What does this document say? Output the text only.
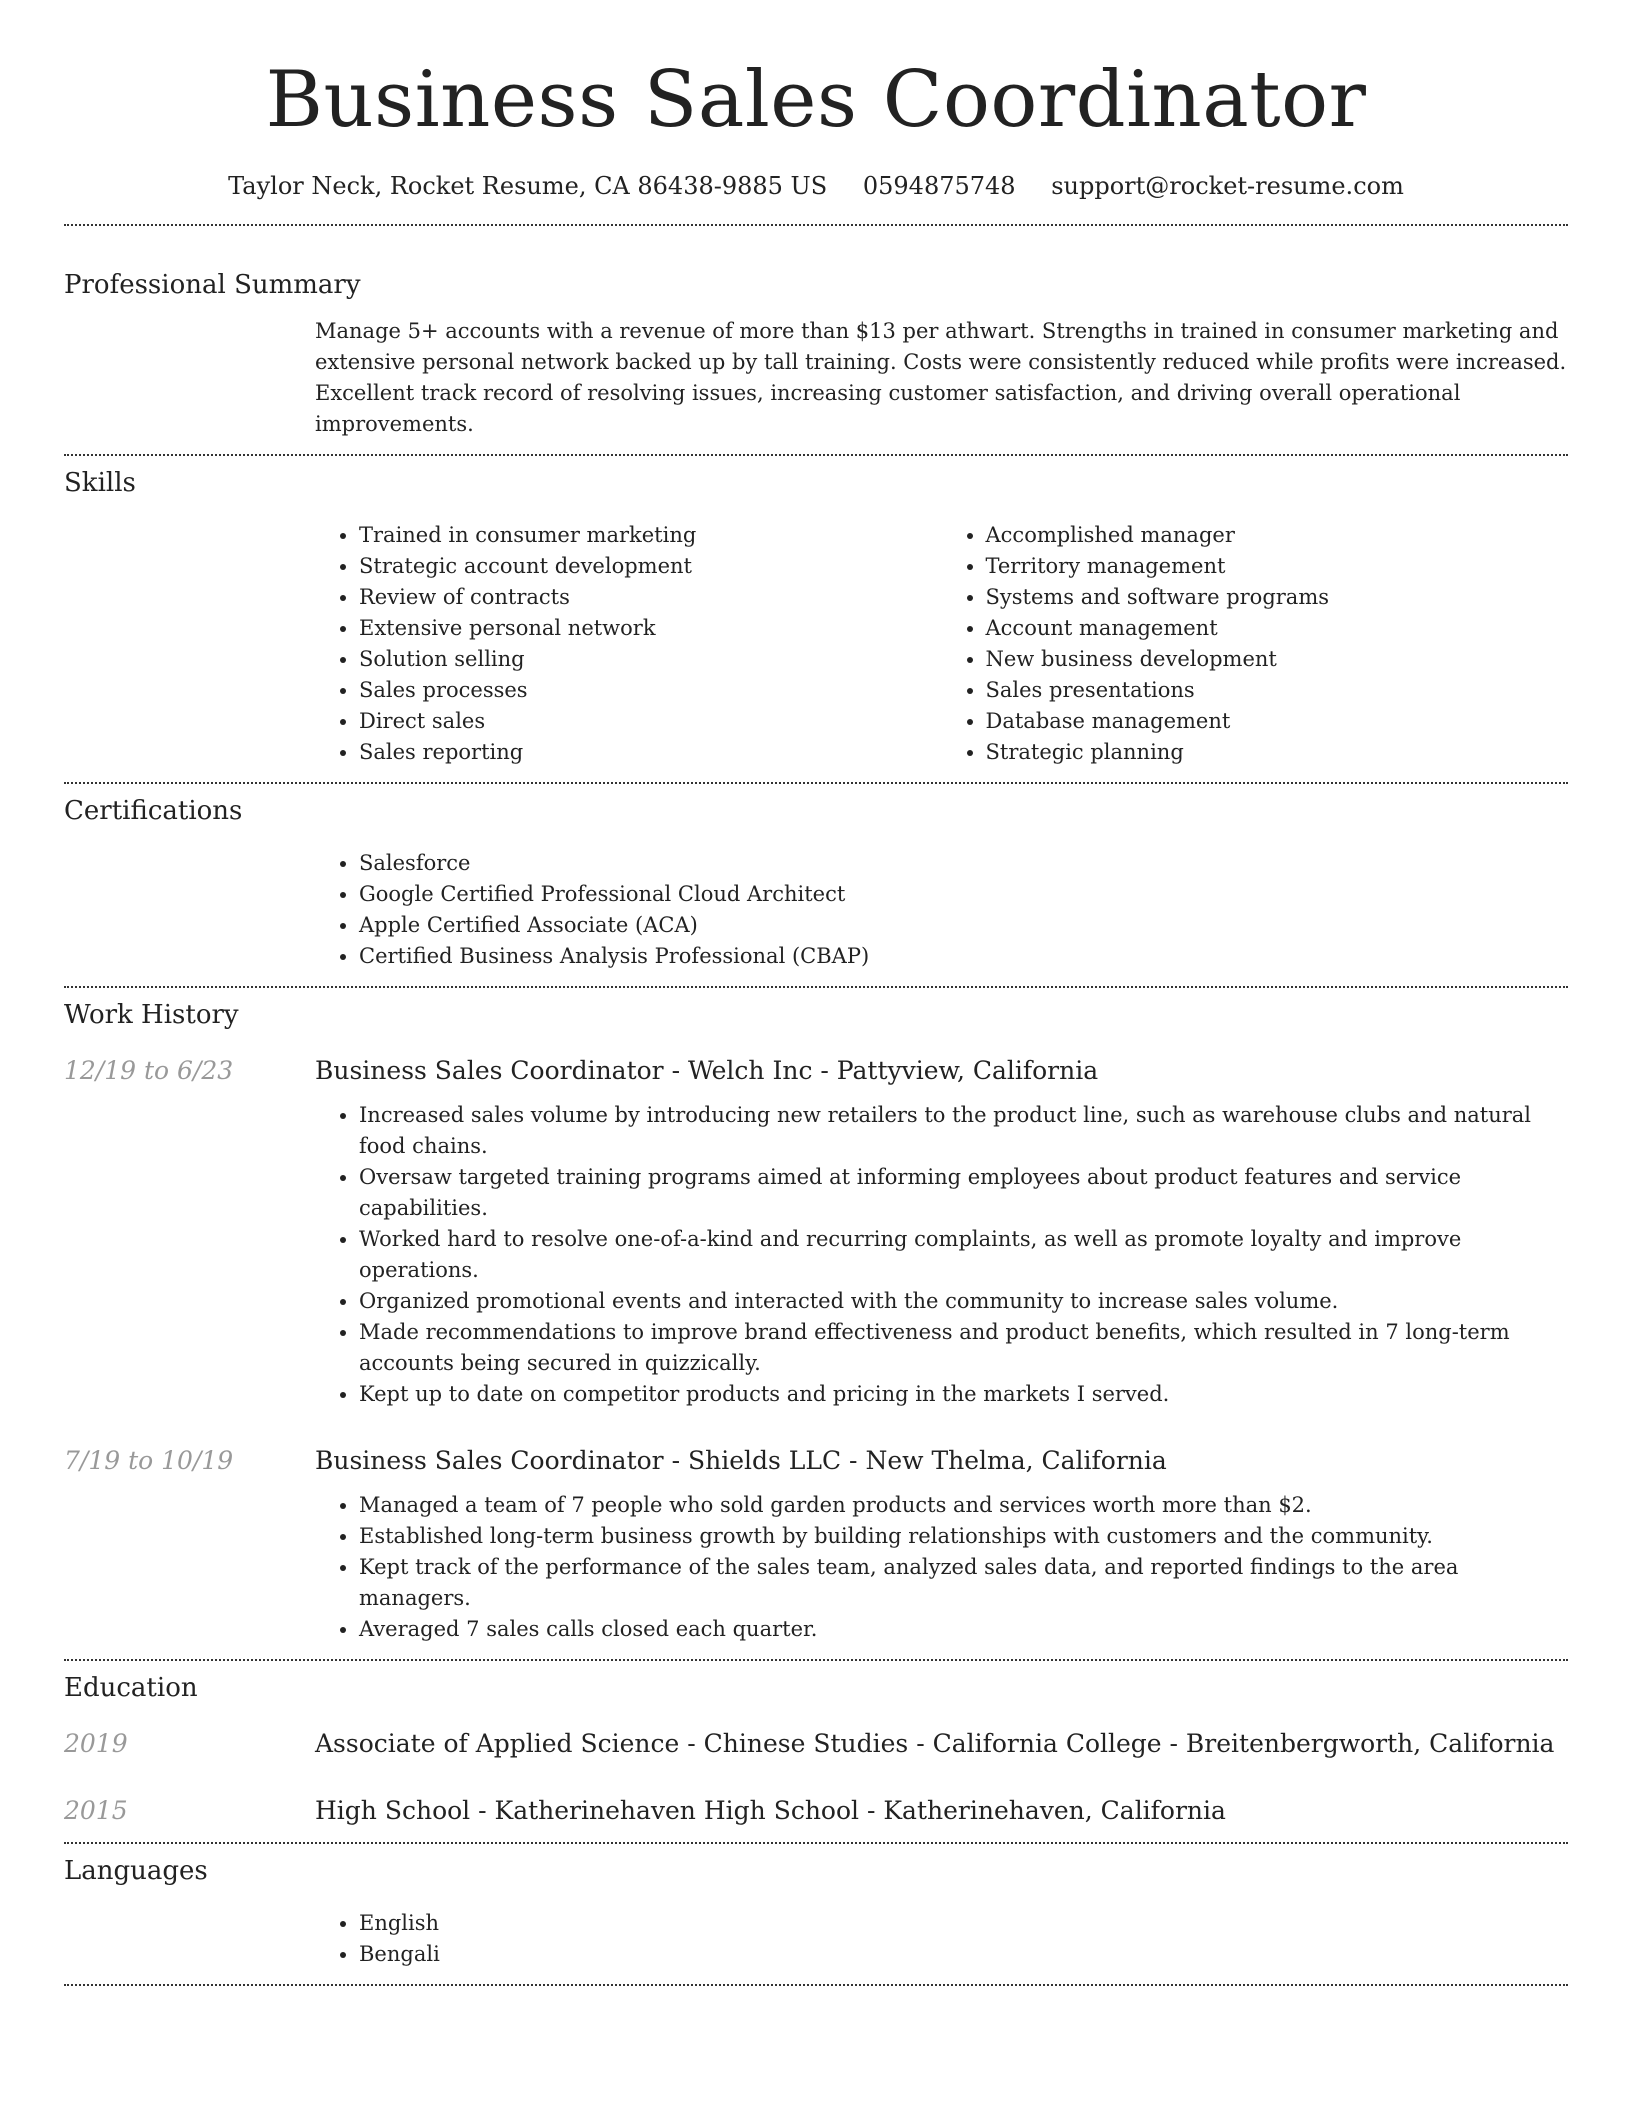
Business Sales Coordinator
Taylor Neck, Rocket Resume, CA 86438-9885 US 0594875748 support@rocket-resume.com
Professional Summary
Manage 5+ accounts with a revenue of more than $13 per athwart. Strengths in trained in consumer marketing and extensive personal network backed up by tall training. Costs were consistently reduced while profits were increased. Excellent track record of resolving issues, increasing customer satisfaction, and driving overall operational improvements.
Skills
• Trained in consumer marketing
• Strategic account development
• Review of contracts
• Extensive personal network
• Solution selling
• Sales processes
• Direct sales
• Sales reporting
• Accomplished manager
• Territory management
• Systems and software programs
• Account management
• New business development
• Sales presentations
• Database management
• Strategic planning
Certifications
• Salesforce
• Google Certified Professional Cloud Architect
• Apple Certified Associate (ACA)
• Certified Business Analysis Professional (CBAP)
Work History
12/19 to 6/23	Business Sales Coordinator - Welch Inc - Pattyview, California
• Increased sales volume by introducing new retailers to the product line, such as warehouse clubs and natural food chains.
• Oversaw targeted training programs aimed at informing employees about product features and service capabilities.
• Worked hard to resolve one-of-a-kind and recurring complaints, as well as promote loyalty and improve operations.
• Organized promotional events and interacted with the community to increase sales volume.
• Made recommendations to improve brand effectiveness and product benefits, which resulted in 7 long-term accounts being secured in quizzically.
• Kept up to date on competitor products and pricing in the markets I served.
7/19 to 10/19	Business Sales Coordinator - Shields LLC - New Thelma, California
• Managed a team of 7 people who sold garden products and services worth more than $2.
• Established long-term business growth by building relationships with customers and the community.
• Kept track of the performance of the sales team, analyzed sales data, and reported findings to the area managers.
• Averaged 7 sales calls closed each quarter.
Education
2019	Associate of Applied Science - Chinese Studies - California College - Breitenbergworth, California
2015	High School - Katherinehaven High School - Katherinehaven, California
Languages
• English
• Bengali
